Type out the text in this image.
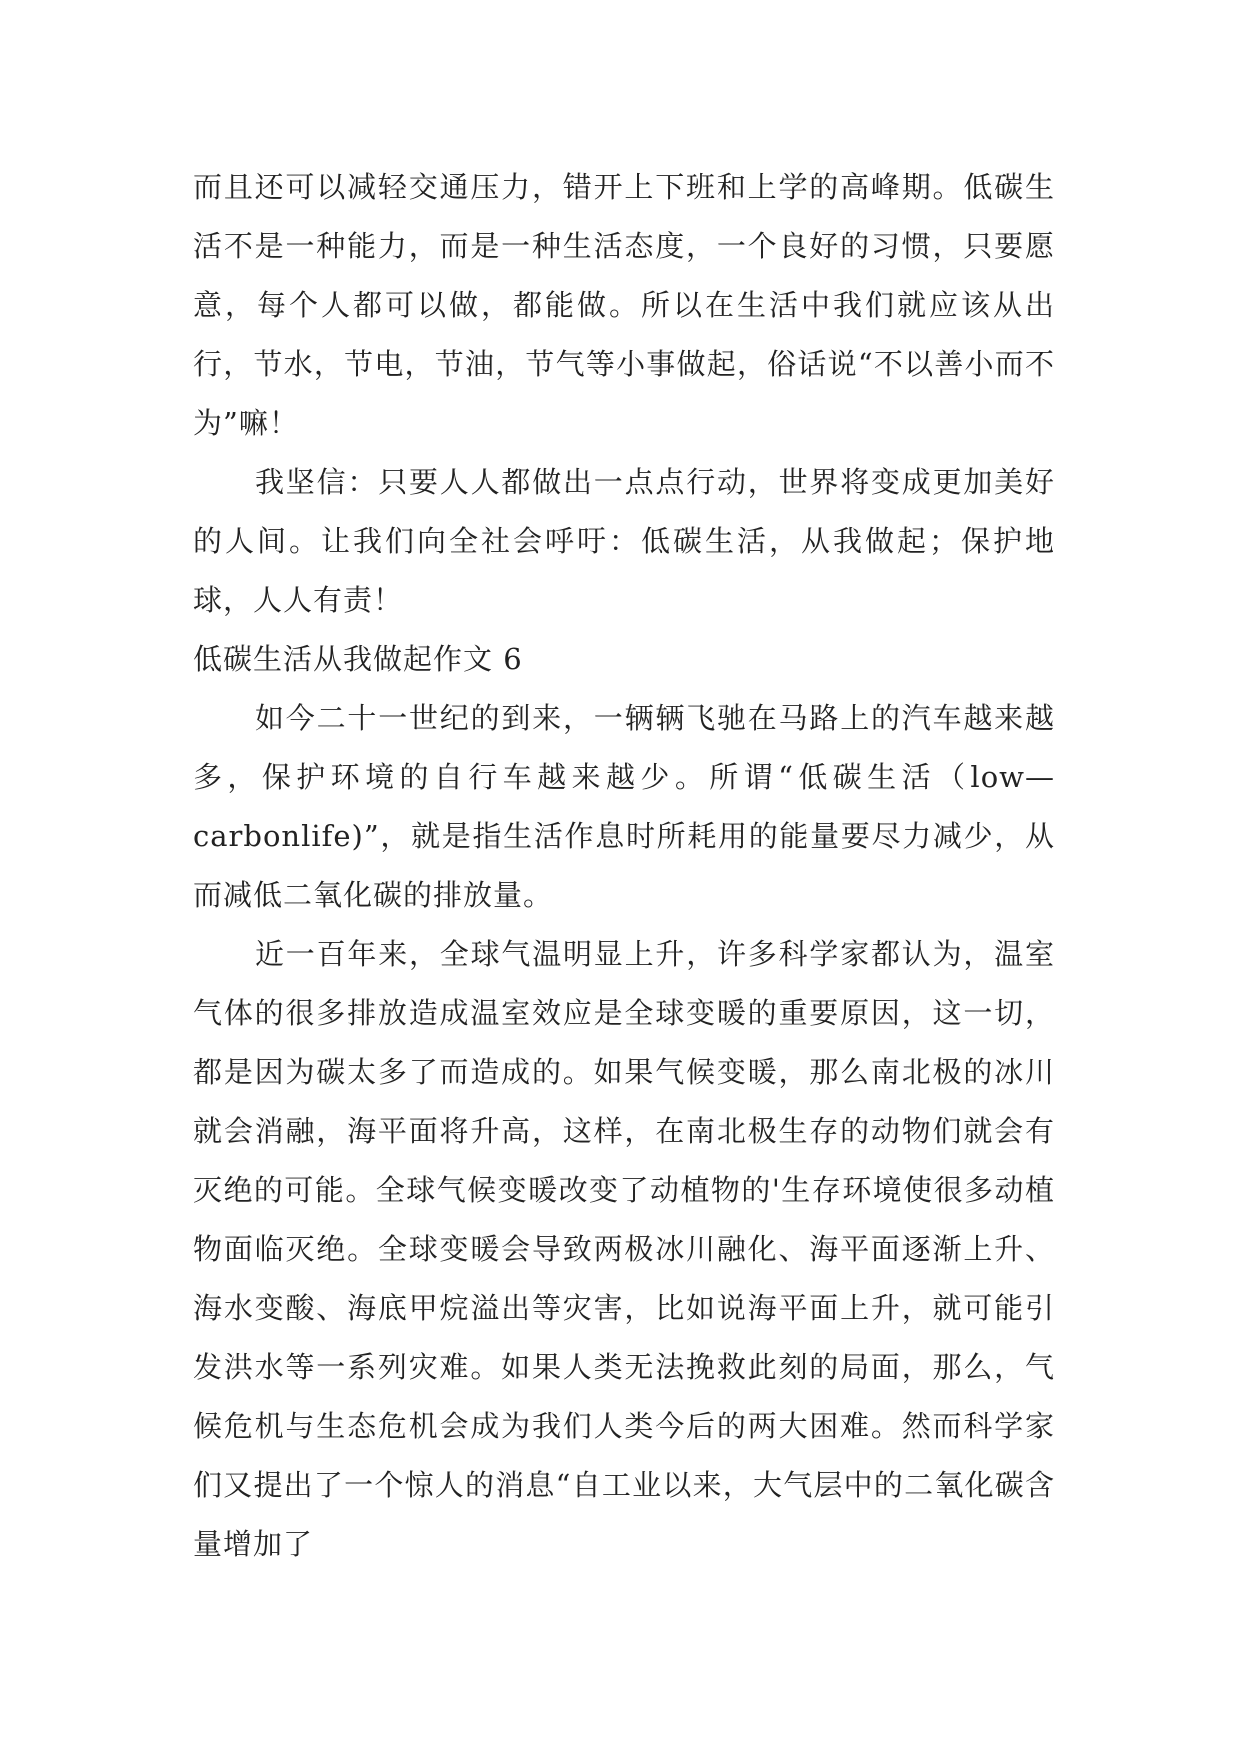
而且还可以减轻交通压力，错开上下班和上学的高峰期。低碳生活不是一种能力，而是一种生活态度，一个良好的习惯，只要愿意，每个人都可以做，都能做。所以在生活中我们就应该从出行，节水，节电，节油，节气等小事做起，俗话说“不以善小而不为”嘛！

我坚信：只要人人都做出一点点行动，世界将变成更加美好的人间。让我们向全社会呼吁：低碳生活，从我做起；保护地球，人人有责！

低碳生活从我做起作文 6

如今二十一世纪的到来，一辆辆飞驰在马路上的汽车越来越多，保护环境的自行车越来越少。所谓“低碳生活（low—carbonlife)”，就是指生活作息时所耗用的能量要尽力减少，从而减低二氧化碳的排放量。

近一百年来，全球气温明显上升，许多科学家都认为，温室气体的很多排放造成温室效应是全球变暖的重要原因，这一切，都是因为碳太多了而造成的。如果气候变暖，那么南北极的冰川就会消融，海平面将升高，这样，在南北极生存的动物们就会有灭绝的可能。全球气候变暖改变了动植物的'生存环境使很多动植物面临灭绝。全球变暖会导致两极冰川融化、海平面逐渐上升、海水变酸、海底甲烷溢出等灾害，比如说海平面上升，就可能引发洪水等一系列灾难。如果人类无法挽救此刻的局面，那么，气候危机与生态危机会成为我们人类今后的两大困难。然而科学家们又提出了一个惊人的消息“自工业以来，大气层中的二氧化碳含量增加了
